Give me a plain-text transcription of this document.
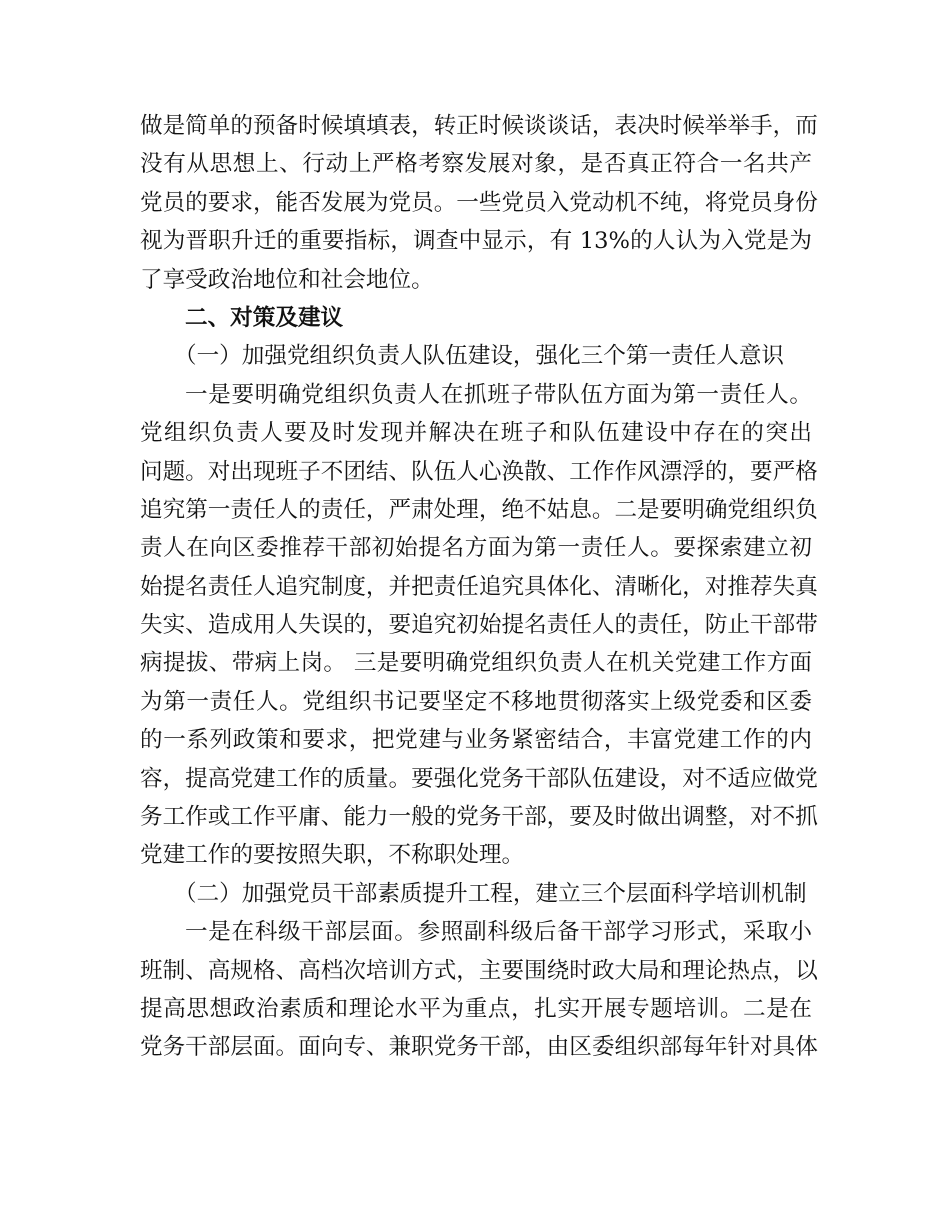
做是简单的预备时候填填表，转正时候谈谈话，表决时候举举手，而
没有从思想上、行动上严格考察发展对象，是否真正符合一名共产
党员的要求，能否发展为党员。一些党员入党动机不纯，将党员身份
视为晋职升迁的重要指标，调查中显示，有 13%的人认为入党是为
了享受政治地位和社会地位。
二、对策及建议
（一）加强党组织负责人队伍建设，强化三个第一责任人意识
一是要明确党组织负责人在抓班子带队伍方面为第一责任人。
党组织负责人要及时发现并解决在班子和队伍建设中存在的突出
问题。对出现班子不团结、队伍人心涣散、工作作风漂浮的，要严格
追究第一责任人的责任，严肃处理，绝不姑息。二是要明确党组织负
责人在向区委推荐干部初始提名方面为第一责任人。要探索建立初
始提名责任人追究制度，并把责任追究具体化、清晰化，对推荐失真
失实、造成用人失误的，要追究初始提名责任人的责任，防止干部带
病提拔、带病上岗。 三是要明确党组织负责人在机关党建工作方面
为第一责任人。党组织书记要坚定不移地贯彻落实上级党委和区委
的一系列政策和要求，把党建与业务紧密结合，丰富党建工作的内
容，提高党建工作的质量。要强化党务干部队伍建设，对不适应做党
务工作或工作平庸、能力一般的党务干部，要及时做出调整，对不抓
党建工作的要按照失职，不称职处理。
（二）加强党员干部素质提升工程，建立三个层面科学培训机制
一是在科级干部层面。参照副科级后备干部学习形式，采取小
班制、高规格、高档次培训方式，主要围绕时政大局和理论热点，以
提高思想政治素质和理论水平为重点，扎实开展专题培训。二是在
党务干部层面。面向专、兼职党务干部，由区委组织部每年针对具体
